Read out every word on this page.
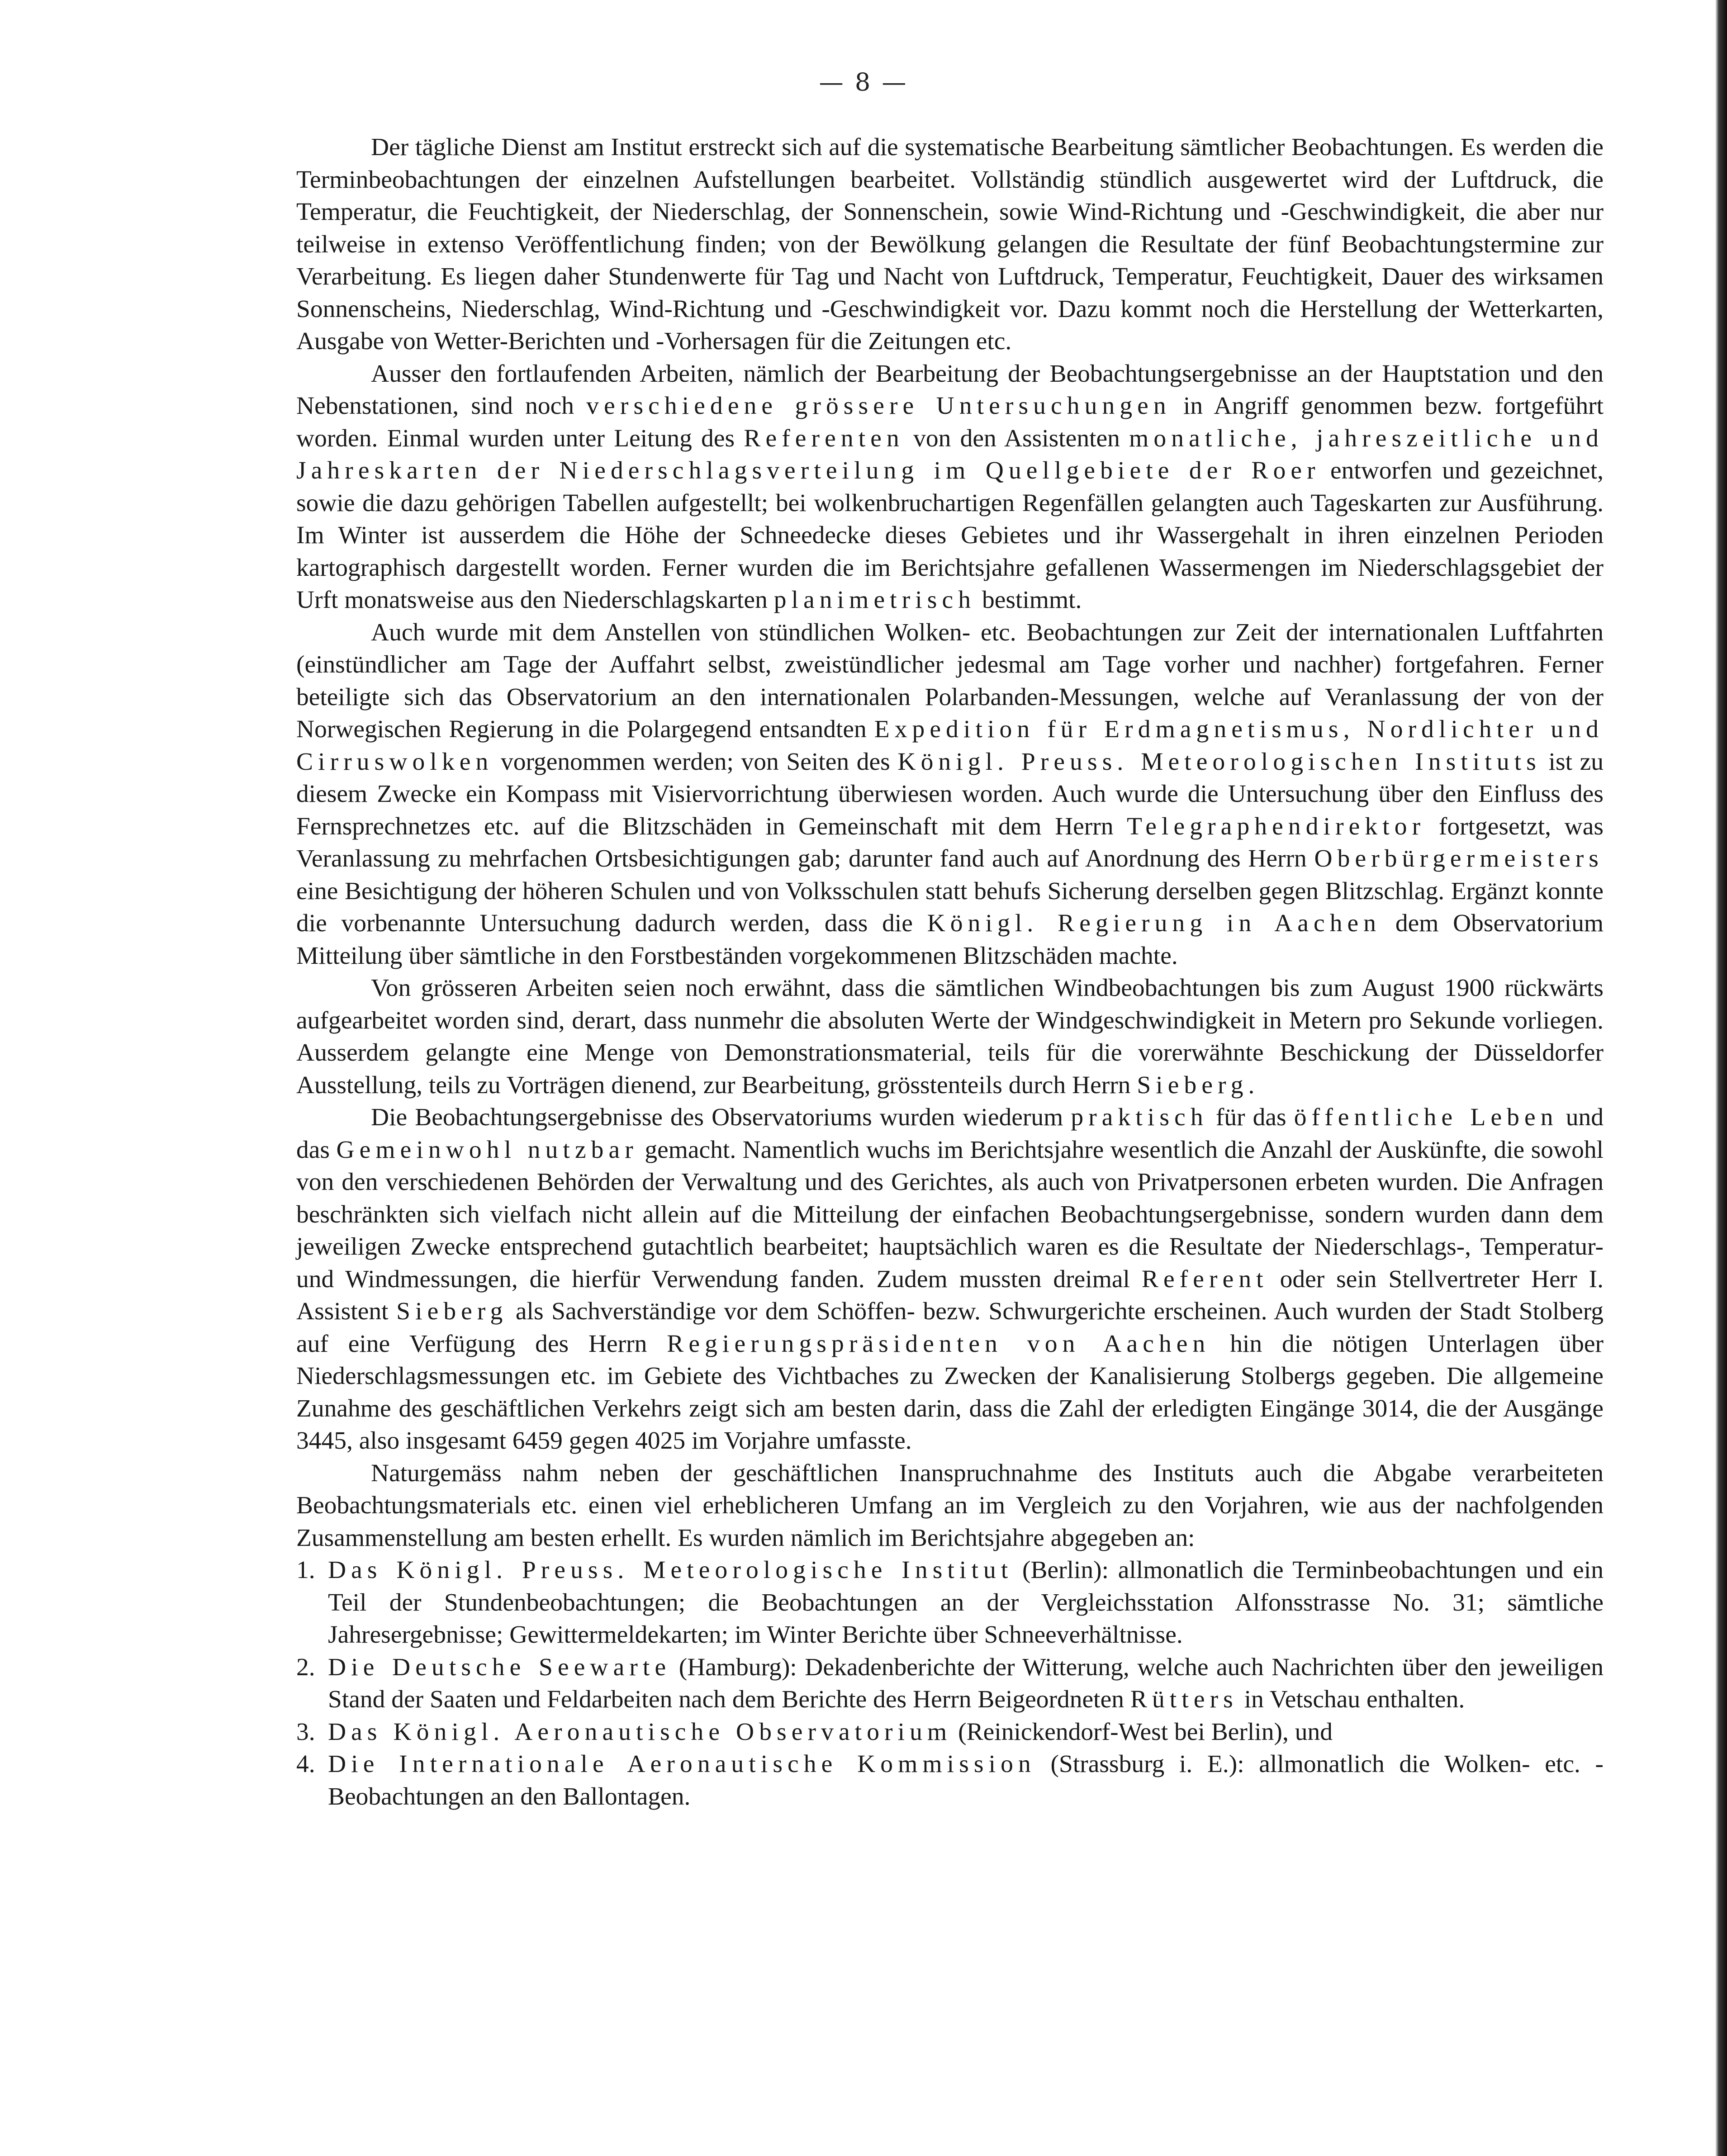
— 8 —

Der tägliche Dienst am Institut erstreckt sich auf die systematische Bearbeitung sämtlicher Beobachtungen. Es werden die Terminbeobachtungen der einzelnen Aufstellungen bearbeitet. Vollständig stündlich ausgewertet wird der Luftdruck, die Temperatur, die Feuchtigkeit, der Niederschlag, der Sonnenschein, sowie Wind-Richtung und -Geschwindigkeit, die aber nur teilweise in extenso Veröffentlichung finden; von der Bewölkung gelangen die Resultate der fünf Beobachtungstermine zur Verarbeitung. Es liegen daher Stundenwerte für Tag und Nacht von Luftdruck, Temperatur, Feuchtigkeit, Dauer des wirksamen Sonnenscheins, Niederschlag, Wind-Richtung und -Geschwindigkeit vor. Dazu kommt noch die Herstellung der Wetterkarten, Ausgabe von Wetter-Berichten und -Vorhersagen für die Zeitungen etc.

Ausser den fortlaufenden Arbeiten, nämlich der Bearbeitung der Beobachtungsergebnisse an der Hauptstation und den Nebenstationen, sind noch verschiedene grössere Untersuchungen in Angriff genommen bezw. fortgeführt worden. Einmal wurden unter Leitung des Referenten von den Assistenten monatliche, jahreszeitliche und Jahreskarten der Niederschlagsverteilung im Quellgebiete der Roer entworfen und gezeichnet, sowie die dazu gehörigen Tabellen aufgestellt; bei wolkenbruchartigen Regenfällen gelangten auch Tageskarten zur Ausführung. Im Winter ist ausserdem die Höhe der Schneedecke dieses Gebietes und ihr Wassergehalt in ihren einzelnen Perioden kartographisch dargestellt worden. Ferner wurden die im Berichtsjahre gefallenen Wassermengen im Niederschlagsgebiet der Urft monatsweise aus den Niederschlagskarten planimetrisch bestimmt.

Auch wurde mit dem Anstellen von stündlichen Wolken- etc. Beobachtungen zur Zeit der internationalen Luftfahrten (einstündlicher am Tage der Auffahrt selbst, zweistündlicher jedesmal am Tage vorher und nachher) fortgefahren. Ferner beteiligte sich das Observatorium an den internationalen Polarbanden-Messungen, welche auf Veranlassung der von der Norwegischen Regierung in die Polargegend entsandten Expedition für Erdmagnetismus, Nordlichter und Cirruswolken vorgenommen werden; von Seiten des Königl. Preuss. Meteorologischen Instituts ist zu diesem Zwecke ein Kompass mit Visiervorrichtung überwiesen worden. Auch wurde die Untersuchung über den Einfluss des Fernsprechnetzes etc. auf die Blitzschäden in Gemeinschaft mit dem Herrn Telegraphendirektor fortgesetzt, was Veranlassung zu mehrfachen Ortsbesichtigungen gab; darunter fand auch auf Anordnung des Herrn Oberbürgermeisters eine Besichtigung der höheren Schulen und von Volksschulen statt behufs Sicherung derselben gegen Blitzschlag. Ergänzt konnte die vorbenannte Untersuchung dadurch werden, dass die Königl. Regierung in Aachen dem Observatorium Mitteilung über sämtliche in den Forstbeständen vorgekommenen Blitzschäden machte.

Von grösseren Arbeiten seien noch erwähnt, dass die sämtlichen Windbeobachtungen bis zum August 1900 rückwärts aufgearbeitet worden sind, derart, dass nunmehr die absoluten Werte der Windgeschwindigkeit in Metern pro Sekunde vorliegen. Ausserdem gelangte eine Menge von Demonstrationsmaterial, teils für die vorerwähnte Beschickung der Düsseldorfer Ausstellung, teils zu Vorträgen dienend, zur Bearbeitung, grösstenteils durch Herrn Sieberg.

Die Beobachtungsergebnisse des Observatoriums wurden wiederum praktisch für das öffentliche Leben und das Gemeinwohl nutzbar gemacht. Namentlich wuchs im Berichtsjahre wesentlich die Anzahl der Auskünfte, die sowohl von den verschiedenen Behörden der Verwaltung und des Gerichtes, als auch von Privatpersonen erbeten wurden. Die Anfragen beschränkten sich vielfach nicht allein auf die Mitteilung der einfachen Beobachtungsergebnisse, sondern wurden dann dem jeweiligen Zwecke entsprechend gutachtlich bearbeitet; hauptsächlich waren es die Resultate der Niederschlags-, Temperatur- und Windmessungen, die hierfür Verwendung fanden. Zudem mussten dreimal Referent oder sein Stellvertreter Herr I. Assistent Sieberg als Sachverständige vor dem Schöffen- bezw. Schwurgerichte erscheinen. Auch wurden der Stadt Stolberg auf eine Verfügung des Herrn Regierungspräsidenten von Aachen hin die nötigen Unterlagen über Niederschlagsmessungen etc. im Gebiete des Vichtbaches zu Zwecken der Kanalisierung Stolbergs gegeben. Die allgemeine Zunahme des geschäftlichen Verkehrs zeigt sich am besten darin, dass die Zahl der erledigten Eingänge 3014, die der Ausgänge 3445, also insgesamt 6459 gegen 4025 im Vorjahre umfasste.

Naturgemäss nahm neben der geschäftlichen Inanspruchnahme des Instituts auch die Abgabe verarbeiteten Beobachtungsmaterials etc. einen viel erheblicheren Umfang an im Vergleich zu den Vorjahren, wie aus der nachfolgenden Zusammenstellung am besten erhellt. Es wurden nämlich im Berichtsjahre abgegeben an:

1. Das Königl. Preuss. Meteorologische Institut (Berlin): allmonatlich die Terminbeobachtungen und ein Teil der Stundenbeobachtungen; die Beobachtungen an der Vergleichsstation Alfonsstrasse No. 31; sämtliche Jahresergebnisse; Gewittermeldekarten; im Winter Berichte über Schneeverhältnisse.
2. Die Deutsche Seewarte (Hamburg): Dekadenberichte der Witterung, welche auch Nachrichten über den jeweiligen Stand der Saaten und Feldarbeiten nach dem Berichte des Herrn Beigeordneten Rütters in Vetschau enthalten.
3. Das Königl. Aeronautische Observatorium (Reinickendorf-West bei Berlin), und
4. Die Internationale Aeronautische Kommission (Strassburg i. E.): allmonatlich die Wolken- etc. -Beobachtungen an den Ballontagen.
